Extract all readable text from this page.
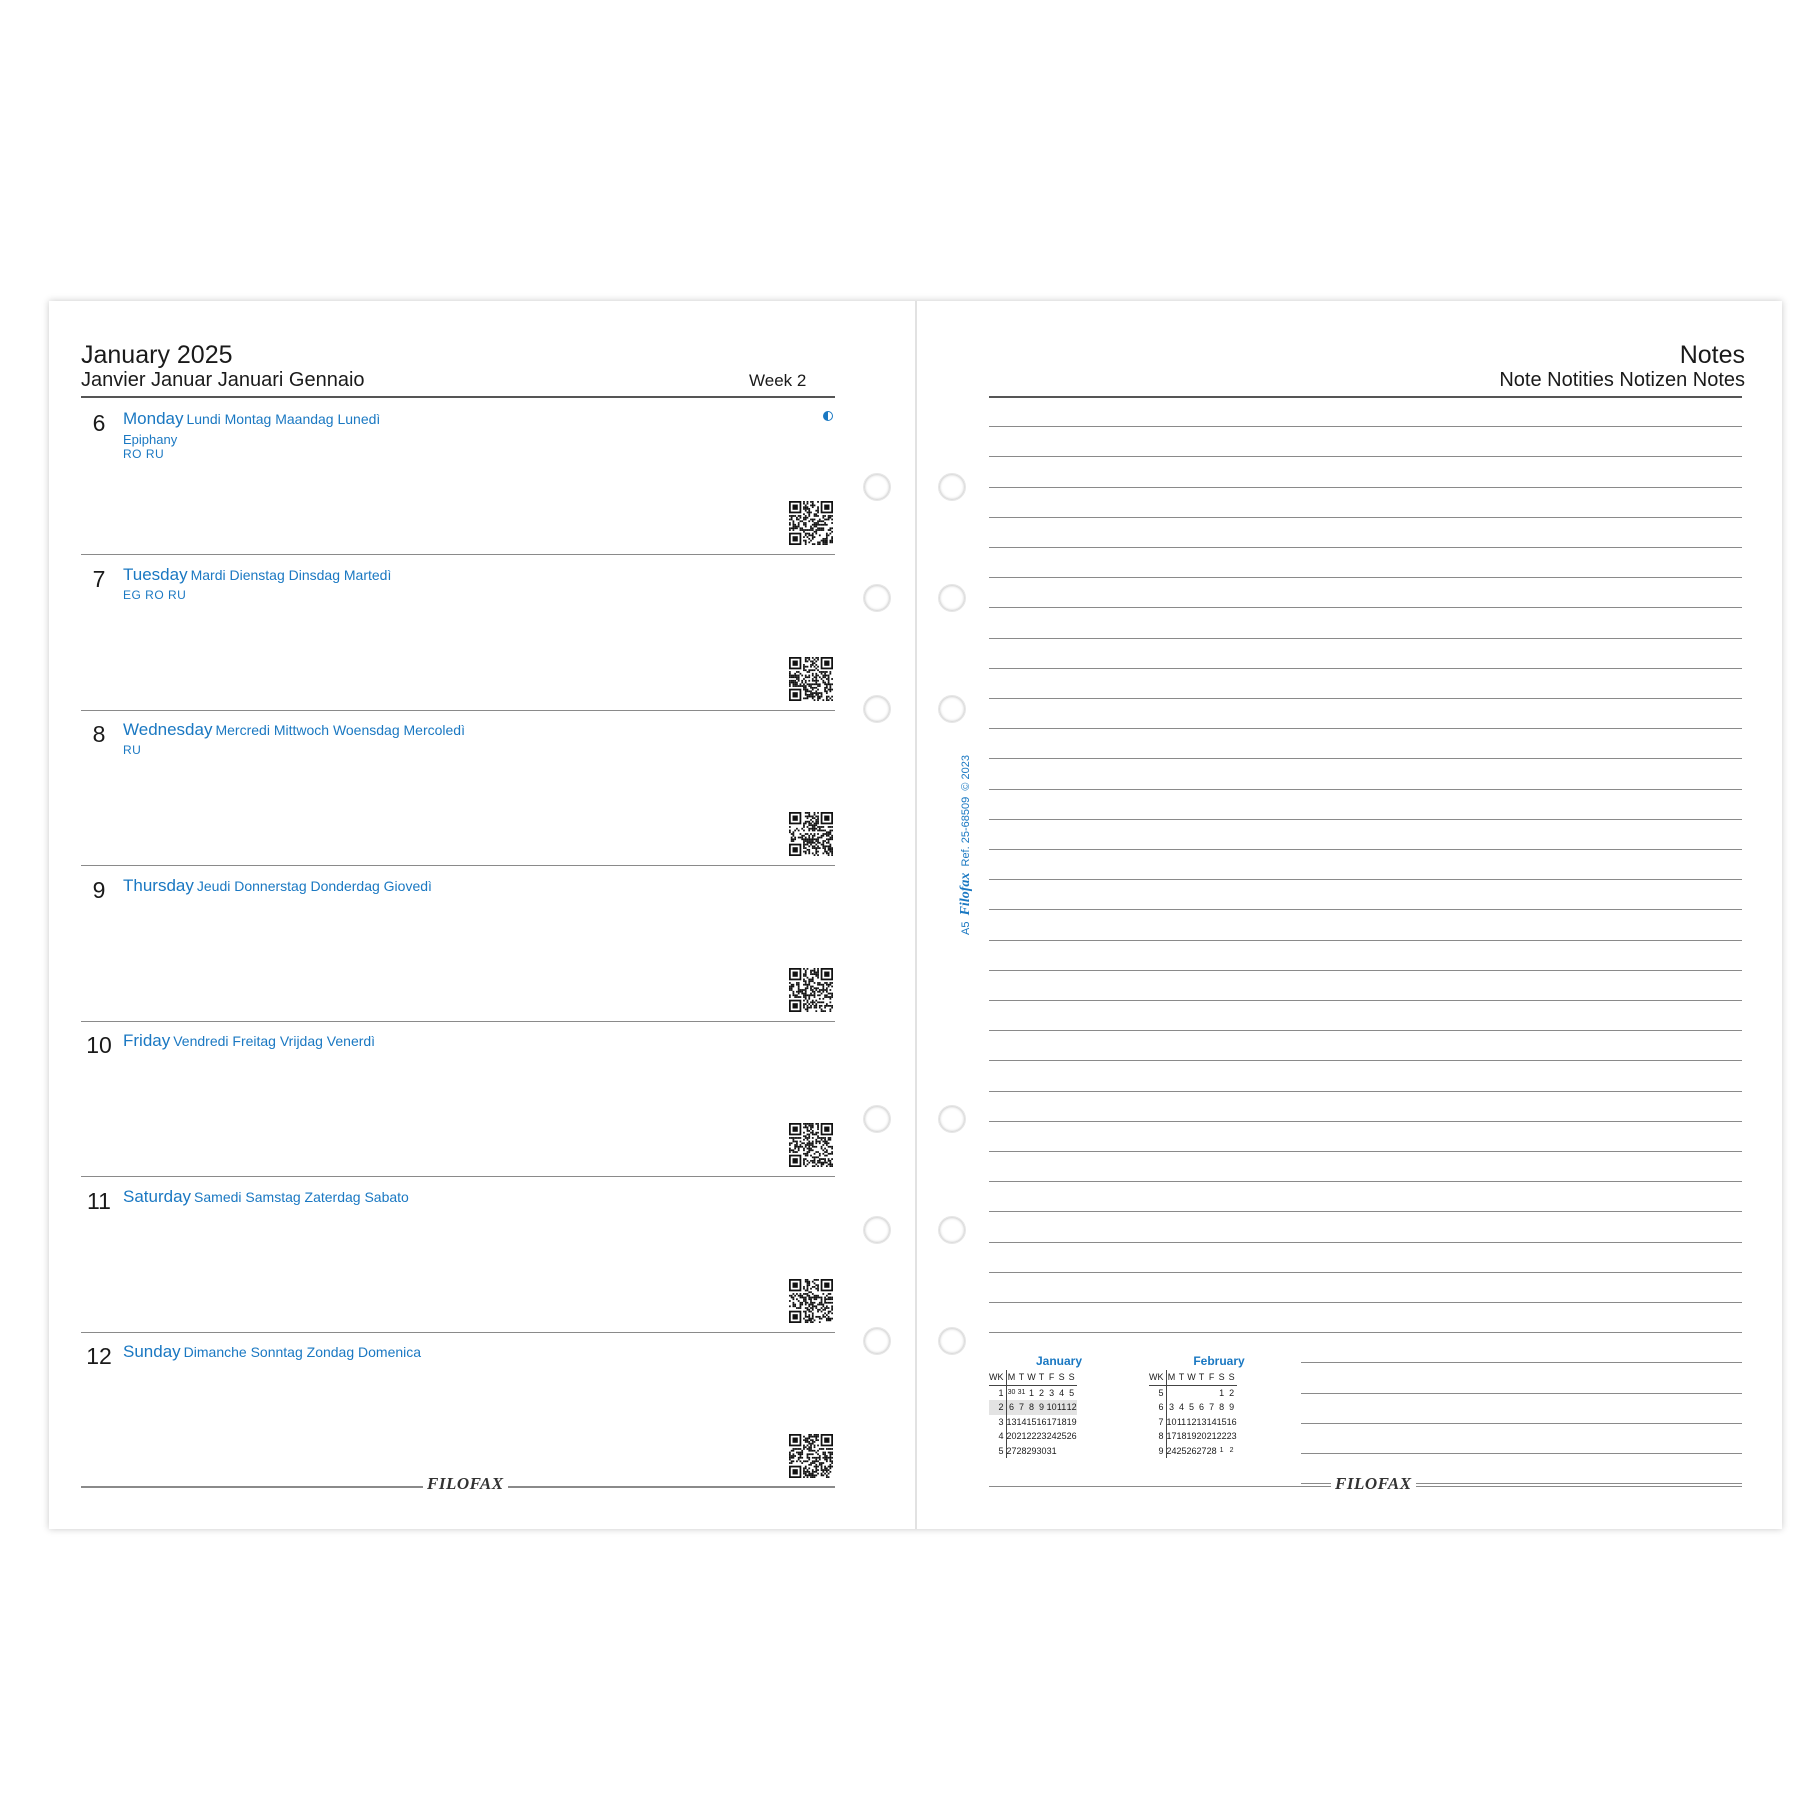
January 2025
Janvier Januar Januari Gennaio	Week 2
6	Monday Lundi Montag Maandag Lunedì
Epiphany
RO RU
7	Tuesday Mardi Dienstag Dinsdag Martedì
EG RO RU
8	Wednesday Mercredi Mittwoch Woensdag Mercoledì
RU
9	Thursday Jeudi Donnerstag Donderdag Giovedì
10 Friday Vendredi Freitag Vrijdag Venerdì
11 Saturday Samedi Samstag Zaterdag Sabato
12 Sunday Dimanche Sonntag Zondag Domenica
FILOFAX
Notes
Note Notities Notizen Notes
January
WK	M	T	W	T	F	S	S
1	30	31	1	2	3	4	5
2	6	7	8	9	10	11	12
3	13	14	15	16	17	18	19
4	20	21	22	23	24	25	26
5	27	28	29	30	31		
February
WK	M	T	W	T	F	S	S
5						1	2
6	3	4	5	6	7	8	9
7	10	11	12	13	14	15	16
8	17	18	19	20	21	22	23
9	24	25	26	27	28	1	2
FILOFAX
A5  Filofax  Ref. 25-68509  © 2023
